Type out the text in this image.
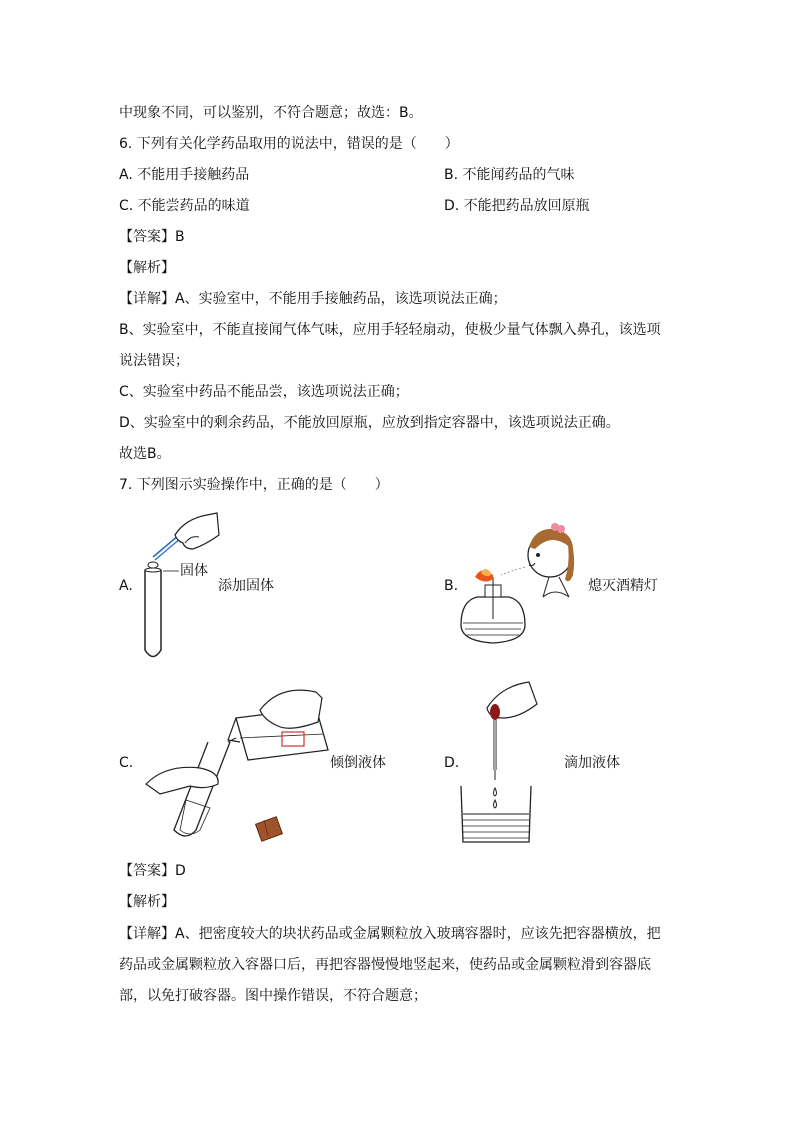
中现象不同，可以鉴别，不符合题意；故选：B。
6. 下列有关化学药品取用的说法中，错误的是（　　）
A. 不能用手接触药品	B. 不能闻药品的气味
C. 不能尝药品的味道	D. 不能把药品放回原瓶
【答案】B
【解析】
【详解】A、实验室中，不能用手接触药品，该选项说法正确；
B、实验室中，不能直接闻气体气味，应用手轻轻扇动，使极少量气体飘入鼻孔，该选项
说法错误；
C、实验室中药品不能品尝，该选项说法正确；
D、实验室中的剩余药品，不能放回原瓶，应放到指定容器中，该选项说法正确。
故选B。
7. 下列图示实验操作中，正确的是（　　）
A.
固体
添加固体	B.	熄灭酒精灯
C.	倾倒液体	D.	滴加液体
【答案】D
【解析】
【详解】A、把密度较大的块状药品或金属颗粒放入玻璃容器时，应该先把容器横放，把
药品或金属颗粒放入容器口后，再把容器慢慢地竖起来，使药品或金属颗粒滑到容器底
部，以免打破容器。图中操作错误，不符合题意；
